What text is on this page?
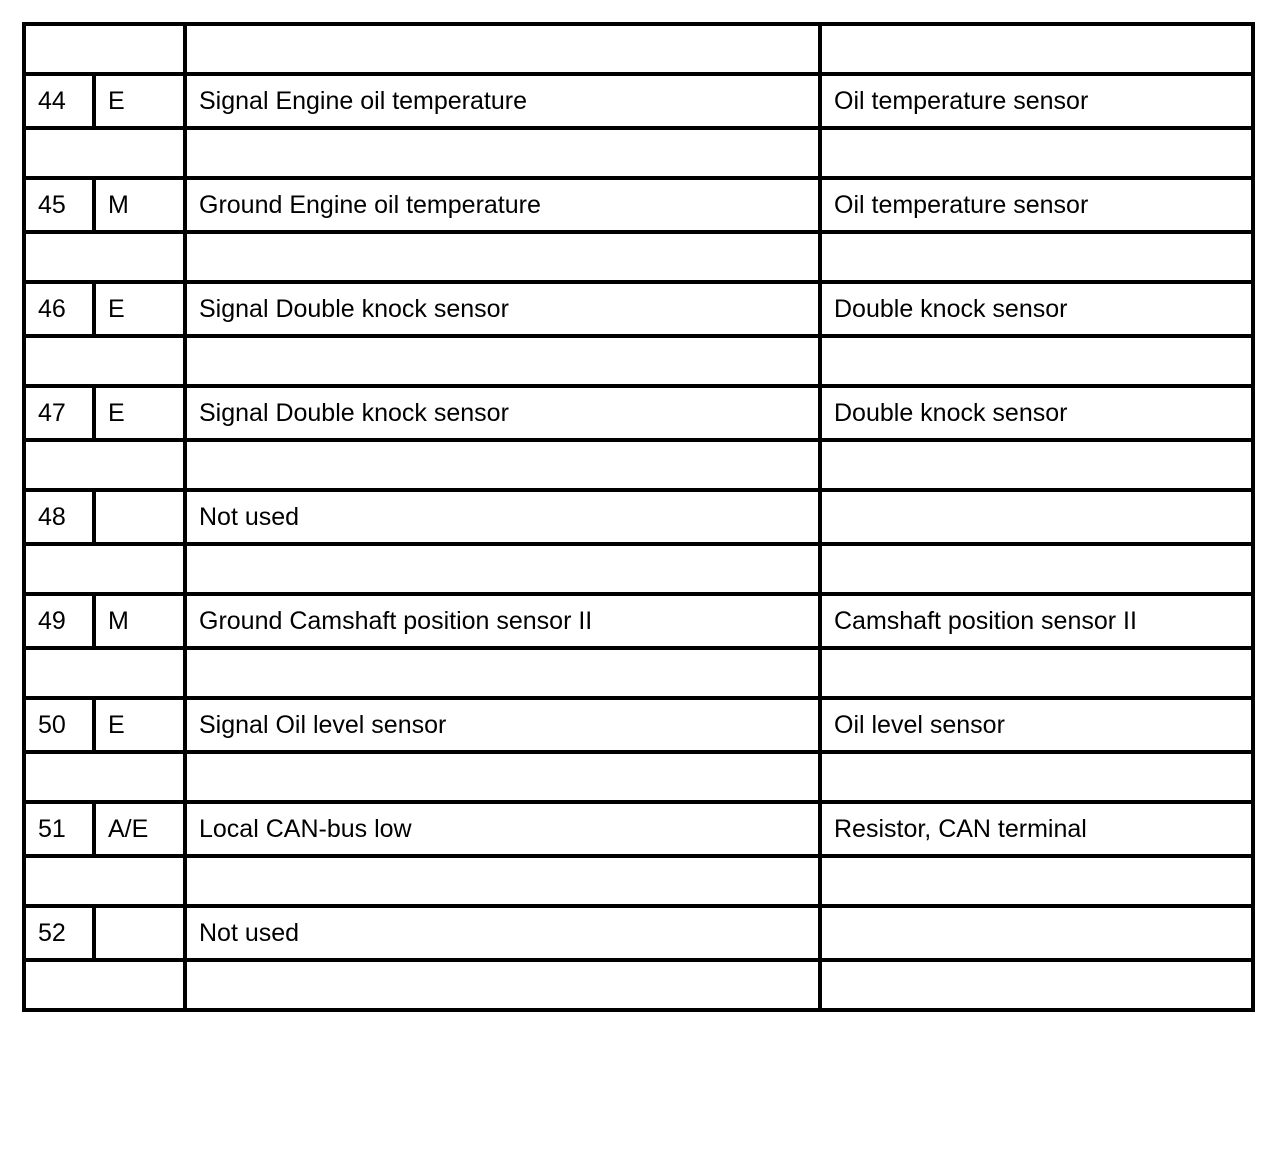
44	E	Signal Engine oil temperature	Oil temperature sensor

45	M	Ground Engine oil temperature	Oil temperature sensor

46	E	Signal Double knock sensor	Double knock sensor

47	E	Signal Double knock sensor	Double knock sensor

48		Not used	

49	M	Ground Camshaft position sensor II	Camshaft position sensor II

50	E	Signal Oil level sensor	Oil level sensor

51	A/E	Local CAN-bus low	Resistor, CAN terminal

52		Not used	
